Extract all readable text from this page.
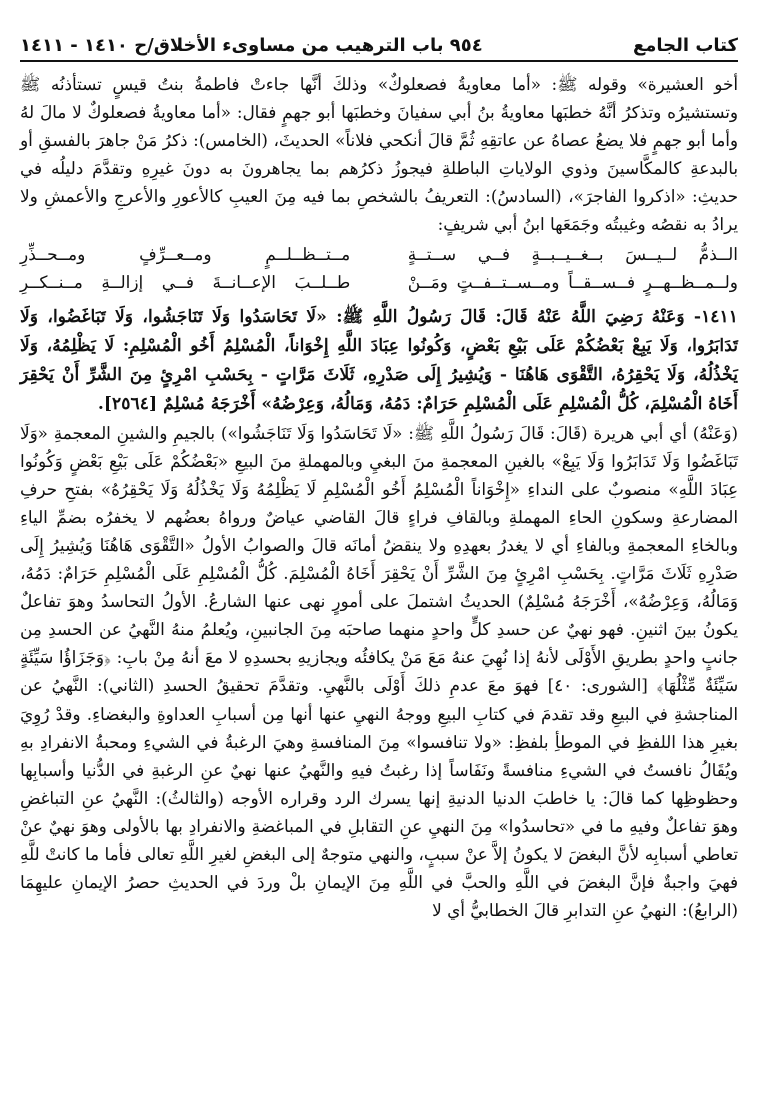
كتاب الجامع
٩٥٤ باب الترهيب من مساوىء الأخلاق/ح ١٤١٠ - ١٤١١

أخو العشيرة» وقوله ﷺ: «أما معاويةُ فصعلوكٌ» وذلكَ أنَّها جاءتْ فاطمةُ بنتُ قيسٍ تستأذنُه ﷺ وتستشيرُه وتذكرُ أنَّهُ خطبَها معاويةُ بنُ أبي سفيانَ وخطبَها أبو جهمٍ فقال: «أما معاويةُ فصعلوكٌ لا مالَ لهُ وأما أبو جهمٍ فلا يضعُ عصاهُ عن عاتقِهِ ثُمَّ قالَ أنكحي فلاناً» الحديثَ، (الخامس): ذكرُ مَنْ جاهرَ بالفسقِ أو بالبدعةِ كالمكَّاسينَ وذوي الولاياتِ الباطلةِ فيجوزُ ذكرُهم بما يجاهرونَ به دونَ غيرِهِ وتقدَّمَ دليلُه في حديثِ: «اذكروا الفاجرَ»، (السادسُ): التعريفُ بالشخصِ بما فيه مِنَ العيبِ كالأعورِ والأعرجِ والأعمشِ ولا يرادُ به نقصُه وغيبتُه وجَمَعَها ابنُ أبي شريفٍ:

الــذمُّ لــيــسَ بــغــيــبــةٍ فــي ســتــةٍ
مــتــظــلــمٍ ومــعــرِّفٍ ومــحــذِّرِ
ولــمــظــهــرٍ فــســقــاً ومــســتــفــتٍ ومَــنْ
طــلــبَ الإعــانــةَ فــي إزالــةِ مــنــكــرِ

١٤١١- وَعَنْهُ رَضِيَ اللَّهُ عَنْهُ قَالَ: قَالَ رَسُولُ اللَّهِ ﷺ: «لَا تَحَاسَدُوا وَلَا تَنَاجَشُوا، وَلَا تَبَاغَضُوا، وَلَا تَدَابَرُوا، وَلَا يَبِعْ بَعْضُكُمْ عَلَى بَيْعِ بَعْضٍ، وَكُونُوا عِبَادَ اللَّهِ إِخْوَاناً، الْمُسْلِمُ أَخُو الْمُسْلِمِ: لَا يَظْلِمُهُ، وَلَا يَخْذُلُهُ، وَلَا يَحْقِرُهُ، التَّقْوَى هَاهُنَا - وَيُشِيرُ إِلَى صَدْرِهِ، ثَلَاثَ مَرَّاتٍ - بِحَسْبِ امْرِئٍ مِنَ الشَّرِّ أَنْ يَحْقِرَ أَخَاهُ الْمُسْلِمَ، كُلُّ الْمُسْلِمِ عَلَى الْمُسْلِمِ حَرَامٌ: دَمُهُ، وَمَالُهُ، وَعِرْضُهُ» أَخْرَجَهُ مُسْلِمٌ [٢٥٦٤].

(وَعَنْهُ) أي أبي هريرة (قَالَ: قَالَ رَسُولُ اللَّهِ ﷺ: «لَا تَحَاسَدُوا وَلَا تَنَاجَشُوا») بالجيمِ والشينِ المعجمةِ «وَلَا تَبَاغَضُوا وَلَا تَدَابَرُوا وَلَا يَبِعْ» بالغينِ المعجمةِ منَ البغيِ وبالمهملةِ منَ البيعِ «بَعْضُكُمْ عَلَى بَيْعِ بَعْضٍ وَكُونُوا عِبَادَ اللَّهِ» منصوبٌ على النداءِ «إِخْوَاناً الْمُسْلِمُ أَخُو الْمُسْلِمِ لَا يَظْلِمُهُ وَلَا يَخْذُلُهُ وَلَا يَحْقِرُهُ» بفتحِ حرفِ المضارعةِ وسكونِ الحاءِ المهملةِ وبالقافِ فراءٍ قالَ القاضي عياضٌ ورواهُ بعضُهم لا يخفرُه بضمِّ الياءِ وبالخاءِ المعجمةِ وبالفاءِ أي لا يغدرُ بعهدِهِ ولا ينقضُ أمانَه قالَ والصوابُ الأولُ «التَّقْوَى هَاهُنَا وَيُشِيرُ إِلَى صَدْرِهِ ثَلَاثَ مَرَّاتٍ. بِحَسْبِ امْرِئٍ مِنَ الشَّرِّ أَنْ يَحْقِرَ أَخَاهُ الْمُسْلِمَ. كُلُّ الْمُسْلِمِ عَلَى الْمُسْلِمِ حَرَامٌ: دَمُهُ، وَمَالُهُ، وَعِرْضُهُ»، أَخْرَجَهُ مُسْلِمٌ) الحديثُ اشتملَ على أمورٍ نهى عنها الشارعُ. الأولُ التحاسدُ وهوَ تفاعلٌ يكونُ بينَ اثنينِ. فهو نهيٌ عن حسدِ كلٍّ واحدٍ منهما صاحبَه مِنَ الجانبينِ، ويُعلمُ منهُ النَّهيُ عن الحسدِ مِن جانبٍ واحدٍ بطريقِ الأَوْلَى لأنهُ إذا نُهِيَ عنهُ مَعَ مَنْ يكافئُه ويجازيهِ بحسدِهِ لا معَ أنهُ مِنْ بابِ: ﴿وَجَزَاؤُا سَيِّئَةٍ سَيِّئَةٌ مِّثْلُهَا﴾ [الشورى: ٤٠] فهوَ معَ عدمِ ذلكَ أَوْلَى بالنَّهيِ. وتقدَّمَ تحقيقُ الحسدِ (الثاني): النَّهيُ عن المناجشةِ في البيعِ وقد تقدمَ في كتابِ البيعِ ووجهُ النهيِ عنها أنها مِن أسبابِ العداوةِ والبغضاءِ. وقدْ رُوِيَ بغيرِ هذا اللفظِ في الموطأِ بلفظِ: «ولا تنافسوا» مِنَ المنافسةِ وهيَ الرغبةُ في الشيءِ ومحبةُ الانفرادِ بهِ ويُقَالُ نافستُ في الشيءِ منافسةً ونَفَاساً إذا رغبتُ فيهِ والنَّهيُ عنها نهيٌ عنِ الرغبةِ في الدُّنيا وأسبابِها وحظوظِها كما قالَ: يا خاطبَ الدنيا الدنيةِ إنها يسرك الرد وقراره الأوجه (والثالثُ): النَّهيُ عنِ التباغضِ وهوَ تفاعلٌ وفيهِ ما في «تحاسدُوا» مِنَ النهيِ عنِ التقابلِ في المباغضةِ والانفرادِ بها بالأولى وهوَ نهيٌ عنْ تعاطي أسبابِه لأنَّ البغضَ لا يكونُ إلاَّ عنْ سببٍ، والنهي متوجهٌ إلى البغضِ لغيرِ اللَّهِ تعالى فأما ما كانتْ للَّهِ فهيَ واجبةٌ فإنَّ البغضَ في اللَّهِ والحبَّ في اللَّهِ مِنَ الإيمانِ بلْ وردَ في الحديثِ حصرُ الإيمانِ عليهِمَا (الرابعُ): النهيُ عنِ التدابرِ قالَ الخطابيُّ أي لا
